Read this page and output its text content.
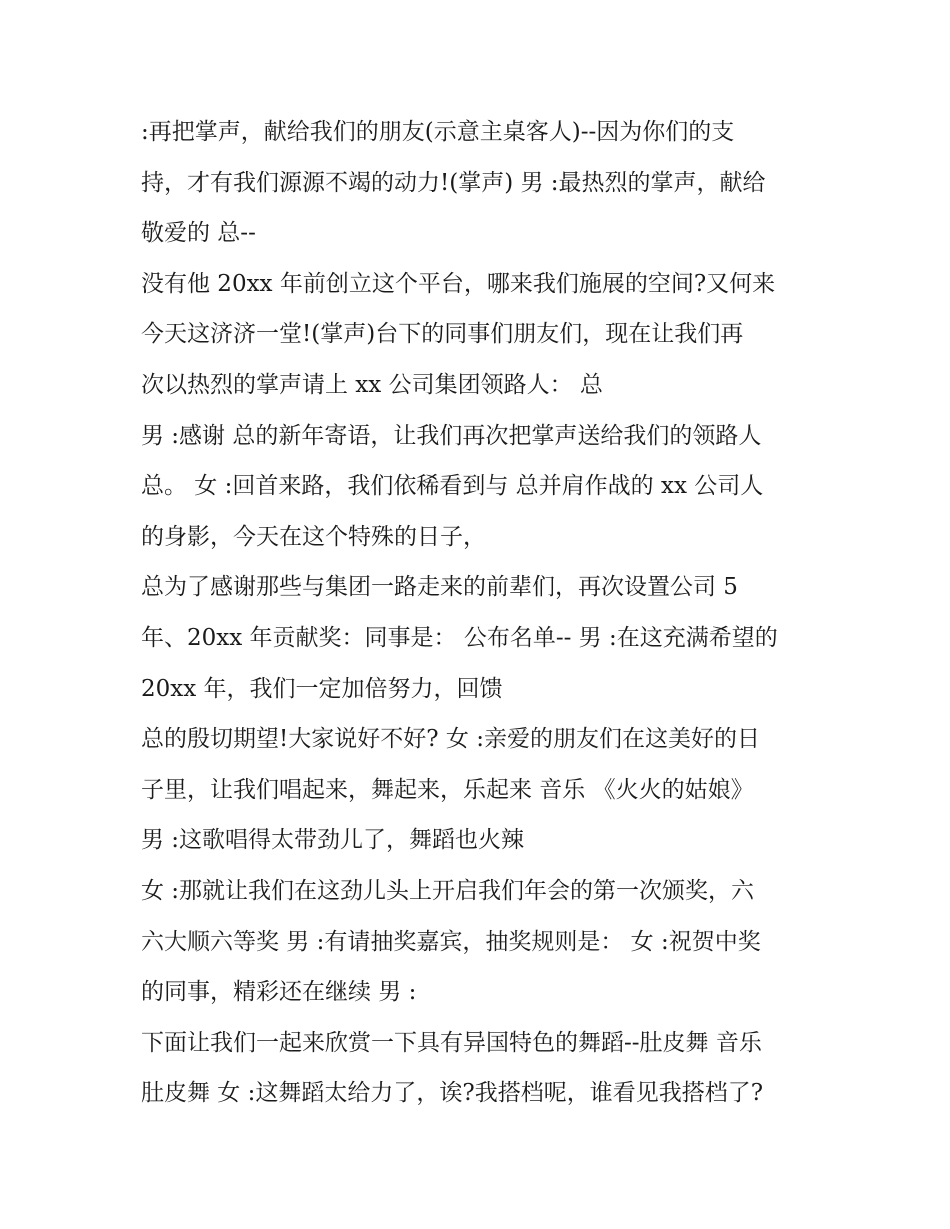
:再把掌声，献给我们的朋友(示意主桌客人)--因为你们的支
持，才有我们源源不竭的动力!(掌声) 男 :最热烈的掌声，献给
敬爱的 总--
没有他 20xx 年前创立这个平台，哪来我们施展的空间?又何来
今天这济济一堂!(掌声)台下的同事们朋友们，现在让我们再
次以热烈的掌声请上 xx 公司集团领路人： 总
男 :感谢 总的新年寄语，让我们再次把掌声送给我们的领路人
总。 女 :回首来路，我们依稀看到与 总并肩作战的 xx 公司人
的身影，今天在这个特殊的日子，
总为了感谢那些与集团一路走来的前辈们，再次设置公司 5
年、20xx 年贡献奖：同事是： 公布名单-- 男 :在这充满希望的
20xx 年，我们一定加倍努力，回馈
总的殷切期望!大家说好不好? 女 :亲爱的朋友们在这美好的日
子里，让我们唱起来，舞起来，乐起来 音乐 《火火的姑娘》
男 :这歌唱得太带劲儿了，舞蹈也火辣
女 :那就让我们在这劲儿头上开启我们年会的第一次颁奖，六
六大顺六等奖 男 :有请抽奖嘉宾，抽奖规则是： 女 :祝贺中奖
的同事，精彩还在继续 男 :
下面让我们一起来欣赏一下具有异国特色的舞蹈--肚皮舞 音乐
肚皮舞 女 :这舞蹈太给力了，诶?我搭档呢，谁看见我搭档了?
